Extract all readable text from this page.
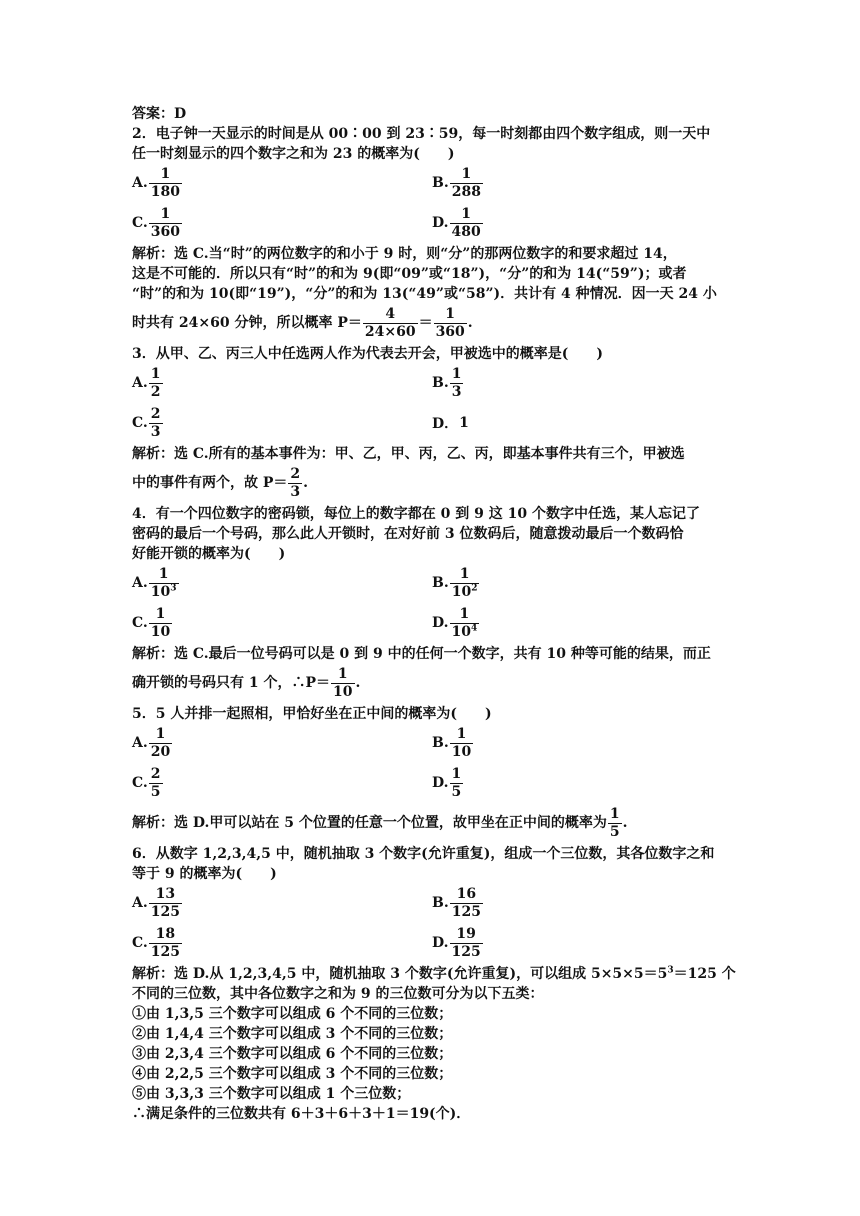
答案：D
2．电子钟一天显示的时间是从 00∶00 到 23∶59，每一时刻都由四个数字组成，则一天中
任一时刻显示的四个数字之和为 23 的概率为(　　)
A. $\frac{1}{180}$	B. $\frac{1}{288}$
C. $\frac{1}{360}$	D. $\frac{1}{480}$
解析：选 C.当“时”的两位数字的和小于 9 时，则“分”的那两位数字的和要求超过 14，
这是不可能的．所以只有“时”的和为 9(即“09”或“18”)，“分”的和为 14(“59”)；或者
“时”的和为 10(即“19”)，“分”的和为 13(“49”或“58”)．共计有 4 种情况．因一天 24 小
时共有 24×60 分钟，所以概率 $P= \frac{4}{24\times 60} = \frac{1}{360}$ .
3．从甲、乙、丙三人中任选两人作为代表去开会，甲被选中的概率是(　　)
A. $\frac{1}{2}$	B. $\frac{1}{3}$
C. $\frac{2}{3}$	D． 1
解析：选 C.所有的基本事件为：甲、乙，甲、丙，乙、丙，即基本事件共有三个，甲被选
中的事件有两个，故 $P= \frac{2}{3}$ .
4．有一个四位数字的密码锁，每位上的数字都在 0 到 9 这 10 个数字中任选，某人忘记了
密码的最后一个号码，那么此人开锁时，在对好前 3 位数码后，随意拨动最后一个数码恰
好能开锁的概率为(　　)
A. $\frac{1}{10^3}$	B. $\frac{1}{10^2}$
C. $\frac{1}{10}$	D. $\frac{1}{10^4}$
解析：选 C.最后一位号码可以是 0 到 9 中的任何一个数字，共有 10 种等可能的结果，而正
确开锁的号码只有 1 个，∴P＝ $\frac{1}{10}$ .
5．5 人并排一起照相，甲恰好坐在正中间的概率为(　　)
A. $\frac{1}{20}$	B. $\frac{1}{10}$
C. $\frac{2}{5}$	D. $\frac{1}{5}$
解析：选 D.甲可以站在 5 个位置的任意一个位置，故甲坐在正中间的概率为 $\frac{1}{5}$ .
6．从数字 1,2,3,4,5 中，随机抽取 3 个数字(允许重复)，组成一个三位数，其各位数字之和
等于 9 的概率为(　　)
A. $\frac{13}{125}$	B. $\frac{16}{125}$
C. $\frac{18}{125}$	D. $\frac{19}{125}$
解析：选 D.从 1,2,3,4,5 中，随机抽取 3 个数字(允许重复)，可以组成 $5\times 5\times 5=5^3=125$ 个
不同的三位数，其中各位数字之和为 9 的三位数可分为以下五类：
①由 1,3,5 三个数字可以组成 6 个不同的三位数；
②由 1,4,4 三个数字可以组成 3 个不同的三位数；
③由 2,3,4 三个数字可以组成 6 个不同的三位数；
④由 2,2,5 三个数字可以组成 3 个不同的三位数；
⑤由 3,3,3 三个数字可以组成 1 个三位数；
∴满足条件的三位数共有 6＋3＋6＋3＋1＝19(个)．
